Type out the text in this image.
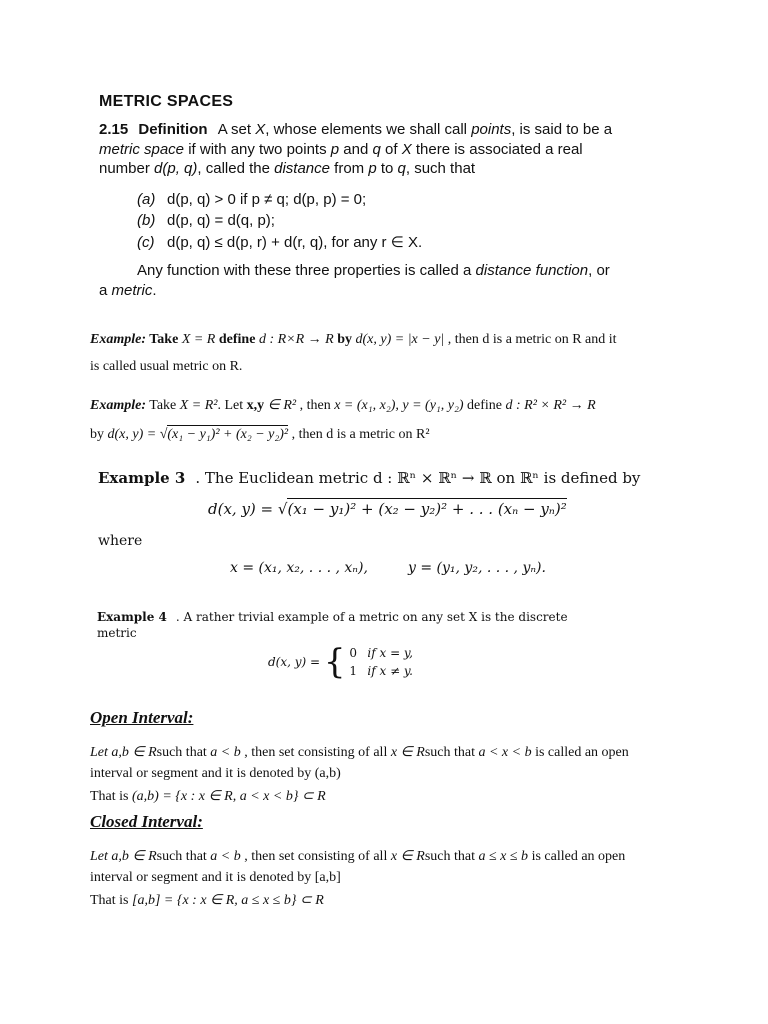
METRIC SPACES
2.15 Definition A set X, whose elements we shall call points, is said to be a
metric space if with any two points p and q of X there is associated a real
number d(p, q), called the distance from p to q, such that
(a) d(p, q) > 0 if p ≠ q; d(p, p) = 0;
(b) d(p, q) = d(q, p);
(c) d(p, q) ≤ d(p, r) + d(r, q), for any r ∈ X.
Any function with these three properties is called a distance function, or
a metric.
Example: Take X = R define d : R×R → R by d(x, y) = |x − y| , then d is a metric on R and it
is called usual metric on R.
Example: Take X = R². Let x,y ∈ R² , then x = (x₁, x₂), y = (y₁, y₂) define d : R² × R² → R
by d(x, y) = √(x₁ − y₁)² + (x₂ − y₂)² , then d is a metric on R²
Example 3 . The Euclidean metric d : ℝⁿ × ℝⁿ → ℝ on ℝⁿ is defined by
d(x, y) = √(x₁ − y₁)² + (x₂ − y₂)² + . . . (xₙ − yₙ)²
where
x = (x₁, x₂, . . . , xₙ),	y = (y₁, y₂, . . . , yₙ).
Example 4 . A rather trivial example of a metric on any set X is the discrete
metric
d(x, y) = { 0 if x = y,
1 if x ≠ y.
Open Interval:
Let a,b ∈ Rsuch that a < b , then set consisting of all x ∈ Rsuch that a < x < b is called an open
interval or segment and it is denoted by (a,b)
That is (a,b) = {x : x ∈ R, a < x < b} ⊂ R
Closed Interval:
Let a,b ∈ Rsuch that a < b , then set consisting of all x ∈ Rsuch that a ≤ x ≤ b is called an open
interval or segment and it is denoted by [a,b]
That is [a,b] = {x : x ∈ R, a ≤ x ≤ b} ⊂ R
